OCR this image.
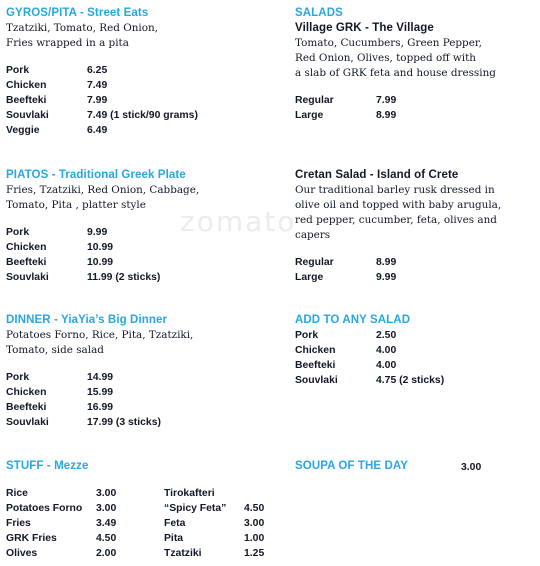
zomato
GYROS/PITA - Street Eats
Tzatziki, Tomato, Red Onion,
Fries wrapped in a pita
Pork	6.25
Chicken	7.49
Beefteki	7.99
Souvlaki	7.49 (1 stick/90 grams)
Veggie	6.49
PIATOS - Traditional Greek Plate
Fries, Tzatziki, Red Onion, Cabbage,
Tomato, Pita , platter style
Pork	9.99
Chicken	10.99
Beefteki	10.99
Souvlaki	11.99 (2 sticks)
DINNER - YiaYia’s Big Dinner
Potatoes Forno, Rice, Pita, Tzatziki,
Tomato, side salad
Pork	14.99
Chicken	15.99
Beefteki	16.99
Souvlaki	17.99 (3 sticks)
STUFF - Mezze
Rice	3.00
Potatoes Forno	3.00
Fries	3.49
GRK Fries	4.50
Olives	2.00
Tirokafteri
“Spicy Feta”	4.50
Feta	3.00
Pita	1.00
Tzatziki	1.25
SALADS
Village GRK - The Village
Tomato, Cucumbers, Green Pepper,
Red Onion, Olives, topped off with
a slab of GRK feta and house dressing
Regular	7.99
Large	8.99
Cretan Salad - Island of Crete
Our traditional barley rusk dressed in
olive oil and topped with baby arugula,
red pepper, cucumber, feta, olives and capers
Regular	8.99
Large	9.99
ADD TO ANY SALAD
Pork	2.50
Chicken	4.00
Beefteki	4.00
Souvlaki	4.75 (2 sticks)
SOUPA OF THE DAY	3.00
